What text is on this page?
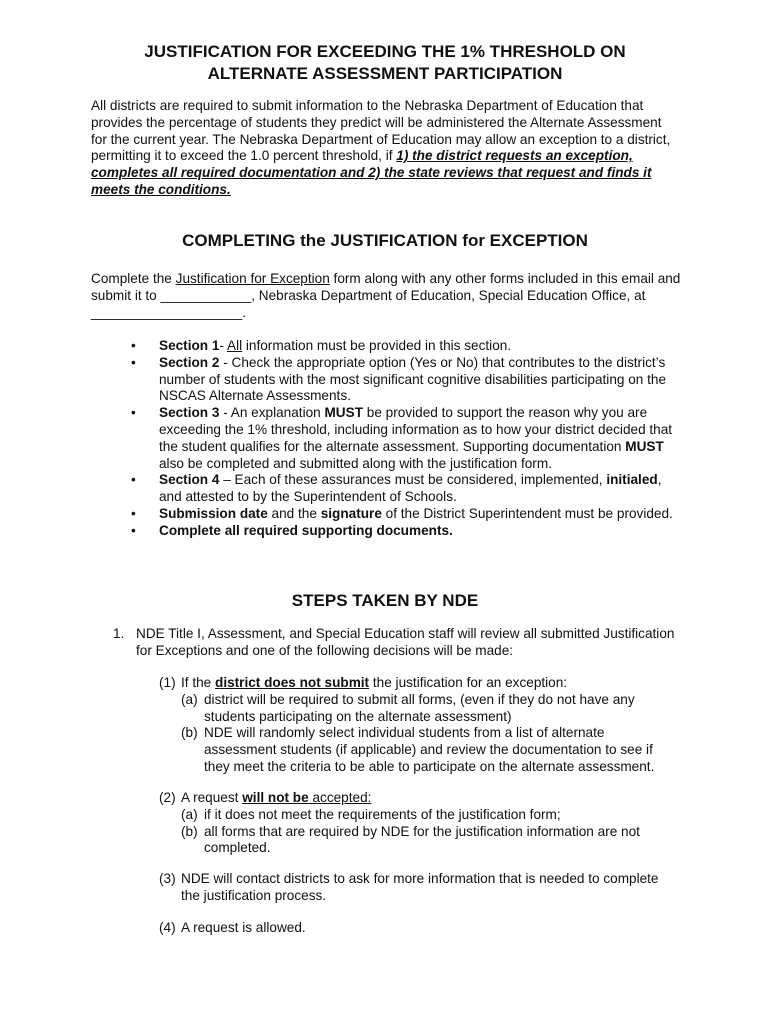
JUSTIFICATION FOR EXCEEDING THE 1% THRESHOLD ON
ALTERNATE ASSESSMENT PARTICIPATION

All districts are required to submit information to the Nebraska Department of Education that provides the percentage of students they predict will be administered the Alternate Assessment for the current year. The Nebraska Department of Education may allow an exception to a district, permitting it to exceed the 1.0 percent threshold, if 1) the district requests an exception, completes all required documentation and 2) the state reviews that request and finds it meets the conditions.

COMPLETING the JUSTIFICATION for EXCEPTION

Complete the Justification for Exception form along with any other forms included in this email and submit it to ____________, Nebraska Department of Education, Special Education Office, at ____________________.

• Section 1- All information must be provided in this section.
• Section 2 - Check the appropriate option (Yes or No) that contributes to the district’s number of students with the most significant cognitive disabilities participating on the NSCAS Alternate Assessments.
• Section 3 - An explanation MUST be provided to support the reason why you are exceeding the 1% threshold, including information as to how your district decided that the student qualifies for the alternate assessment. Supporting documentation MUST also be completed and submitted along with the justification form.
• Section 4 – Each of these assurances must be considered, implemented, initialed, and attested to by the Superintendent of Schools.
• Submission date and the signature of the District Superintendent must be provided.
• Complete all required supporting documents.
STEPS TAKEN BY NDE
1. NDE Title I, Assessment, and Special Education staff will review all submitted Justification for Exceptions and one of the following decisions will be made:
(1) If the district does not submit the justification for an exception:
(a) district will be required to submit all forms, (even if they do not have any students participating on the alternate assessment)
(b) NDE will randomly select individual students from a list of alternate assessment students (if applicable) and review the documentation to see if they meet the criteria to be able to participate on the alternate assessment.
(2) A request will not be accepted:
(a) if it does not meet the requirements of the justification form;
(b) all forms that are required by NDE for the justification information are not completed.
(3) NDE will contact districts to ask for more information that is needed to complete the justification process.
(4) A request is allowed.
